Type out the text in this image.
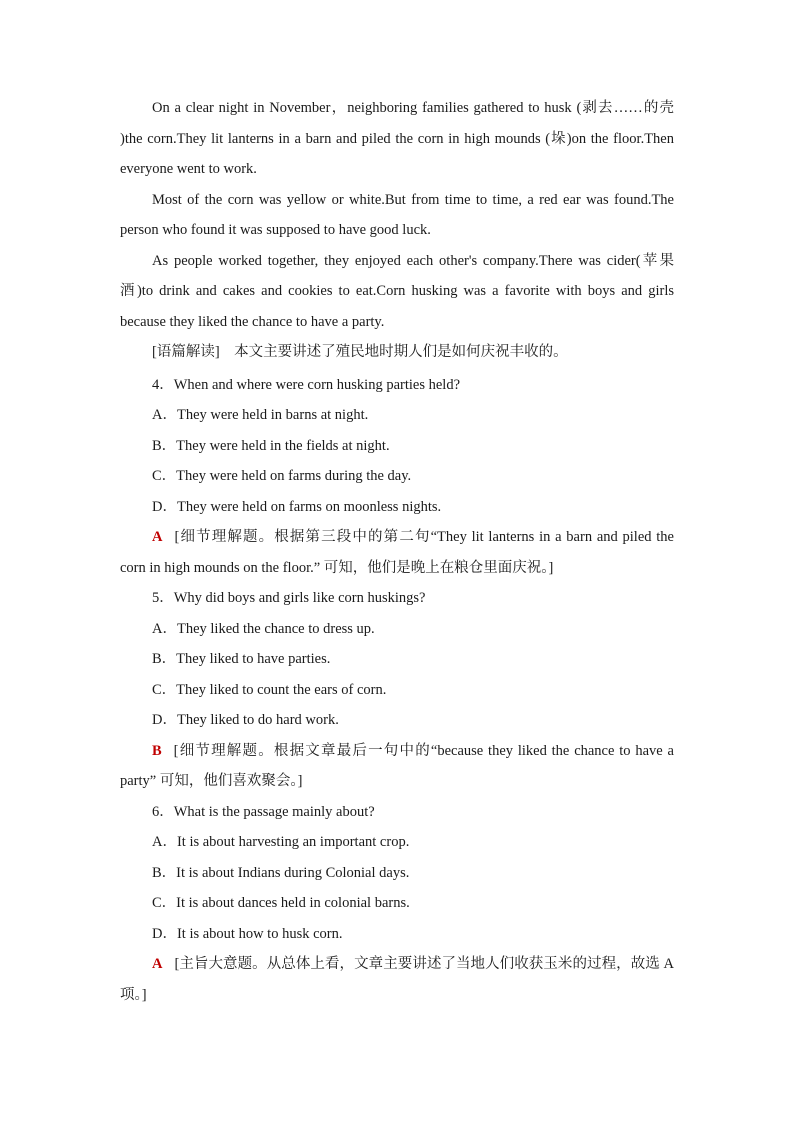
On a clear night in November，neighboring families gathered to husk (剥去……的壳 )the corn.They lit lanterns in a barn and piled the corn in high mounds (垛)on the floor.Then everyone went to work.

Most of the corn was yellow or white.But from time to time, a red ear was found.The person who found it was supposed to have good luck.

As people worked together, they enjoyed each other's company.There was cider(苹果酒)to drink and cakes and cookies to eat.Corn husking was a favorite with boys and girls because they liked the chance to have a party.

[语篇解读]　本文主要讲述了殖民地时期人们是如何庆祝丰收的。

4．When and where were corn husking parties held?

A．They were held in barns at night.

B．They were held in the fields at night.

C．They were held on farms during the day.

D．They were held on farms on moonless nights.

A [细节理解题。根据第三段中的第二句“They lit lanterns in a barn and piled the corn in high mounds on the floor.” 可知，他们是晚上在粮仓里面庆祝。]

5．Why did boys and girls like corn huskings?

A．They liked the chance to dress up.

B．They liked to have parties.

C．They liked to count the ears of corn.

D．They liked to do hard work.

B [细节理解题。根据文章最后一句中的“because they liked the chance to have a party” 可知，他们喜欢聚会。]

6．What is the passage mainly about?

A．It is about harvesting an important crop.

B．It is about Indians during Colonial days.

C．It is about dances held in colonial barns.

D．It is about how to husk corn.

A [主旨大意题。从总体上看，文章主要讲述了当地人们收获玉米的过程，故选 A 项。]
